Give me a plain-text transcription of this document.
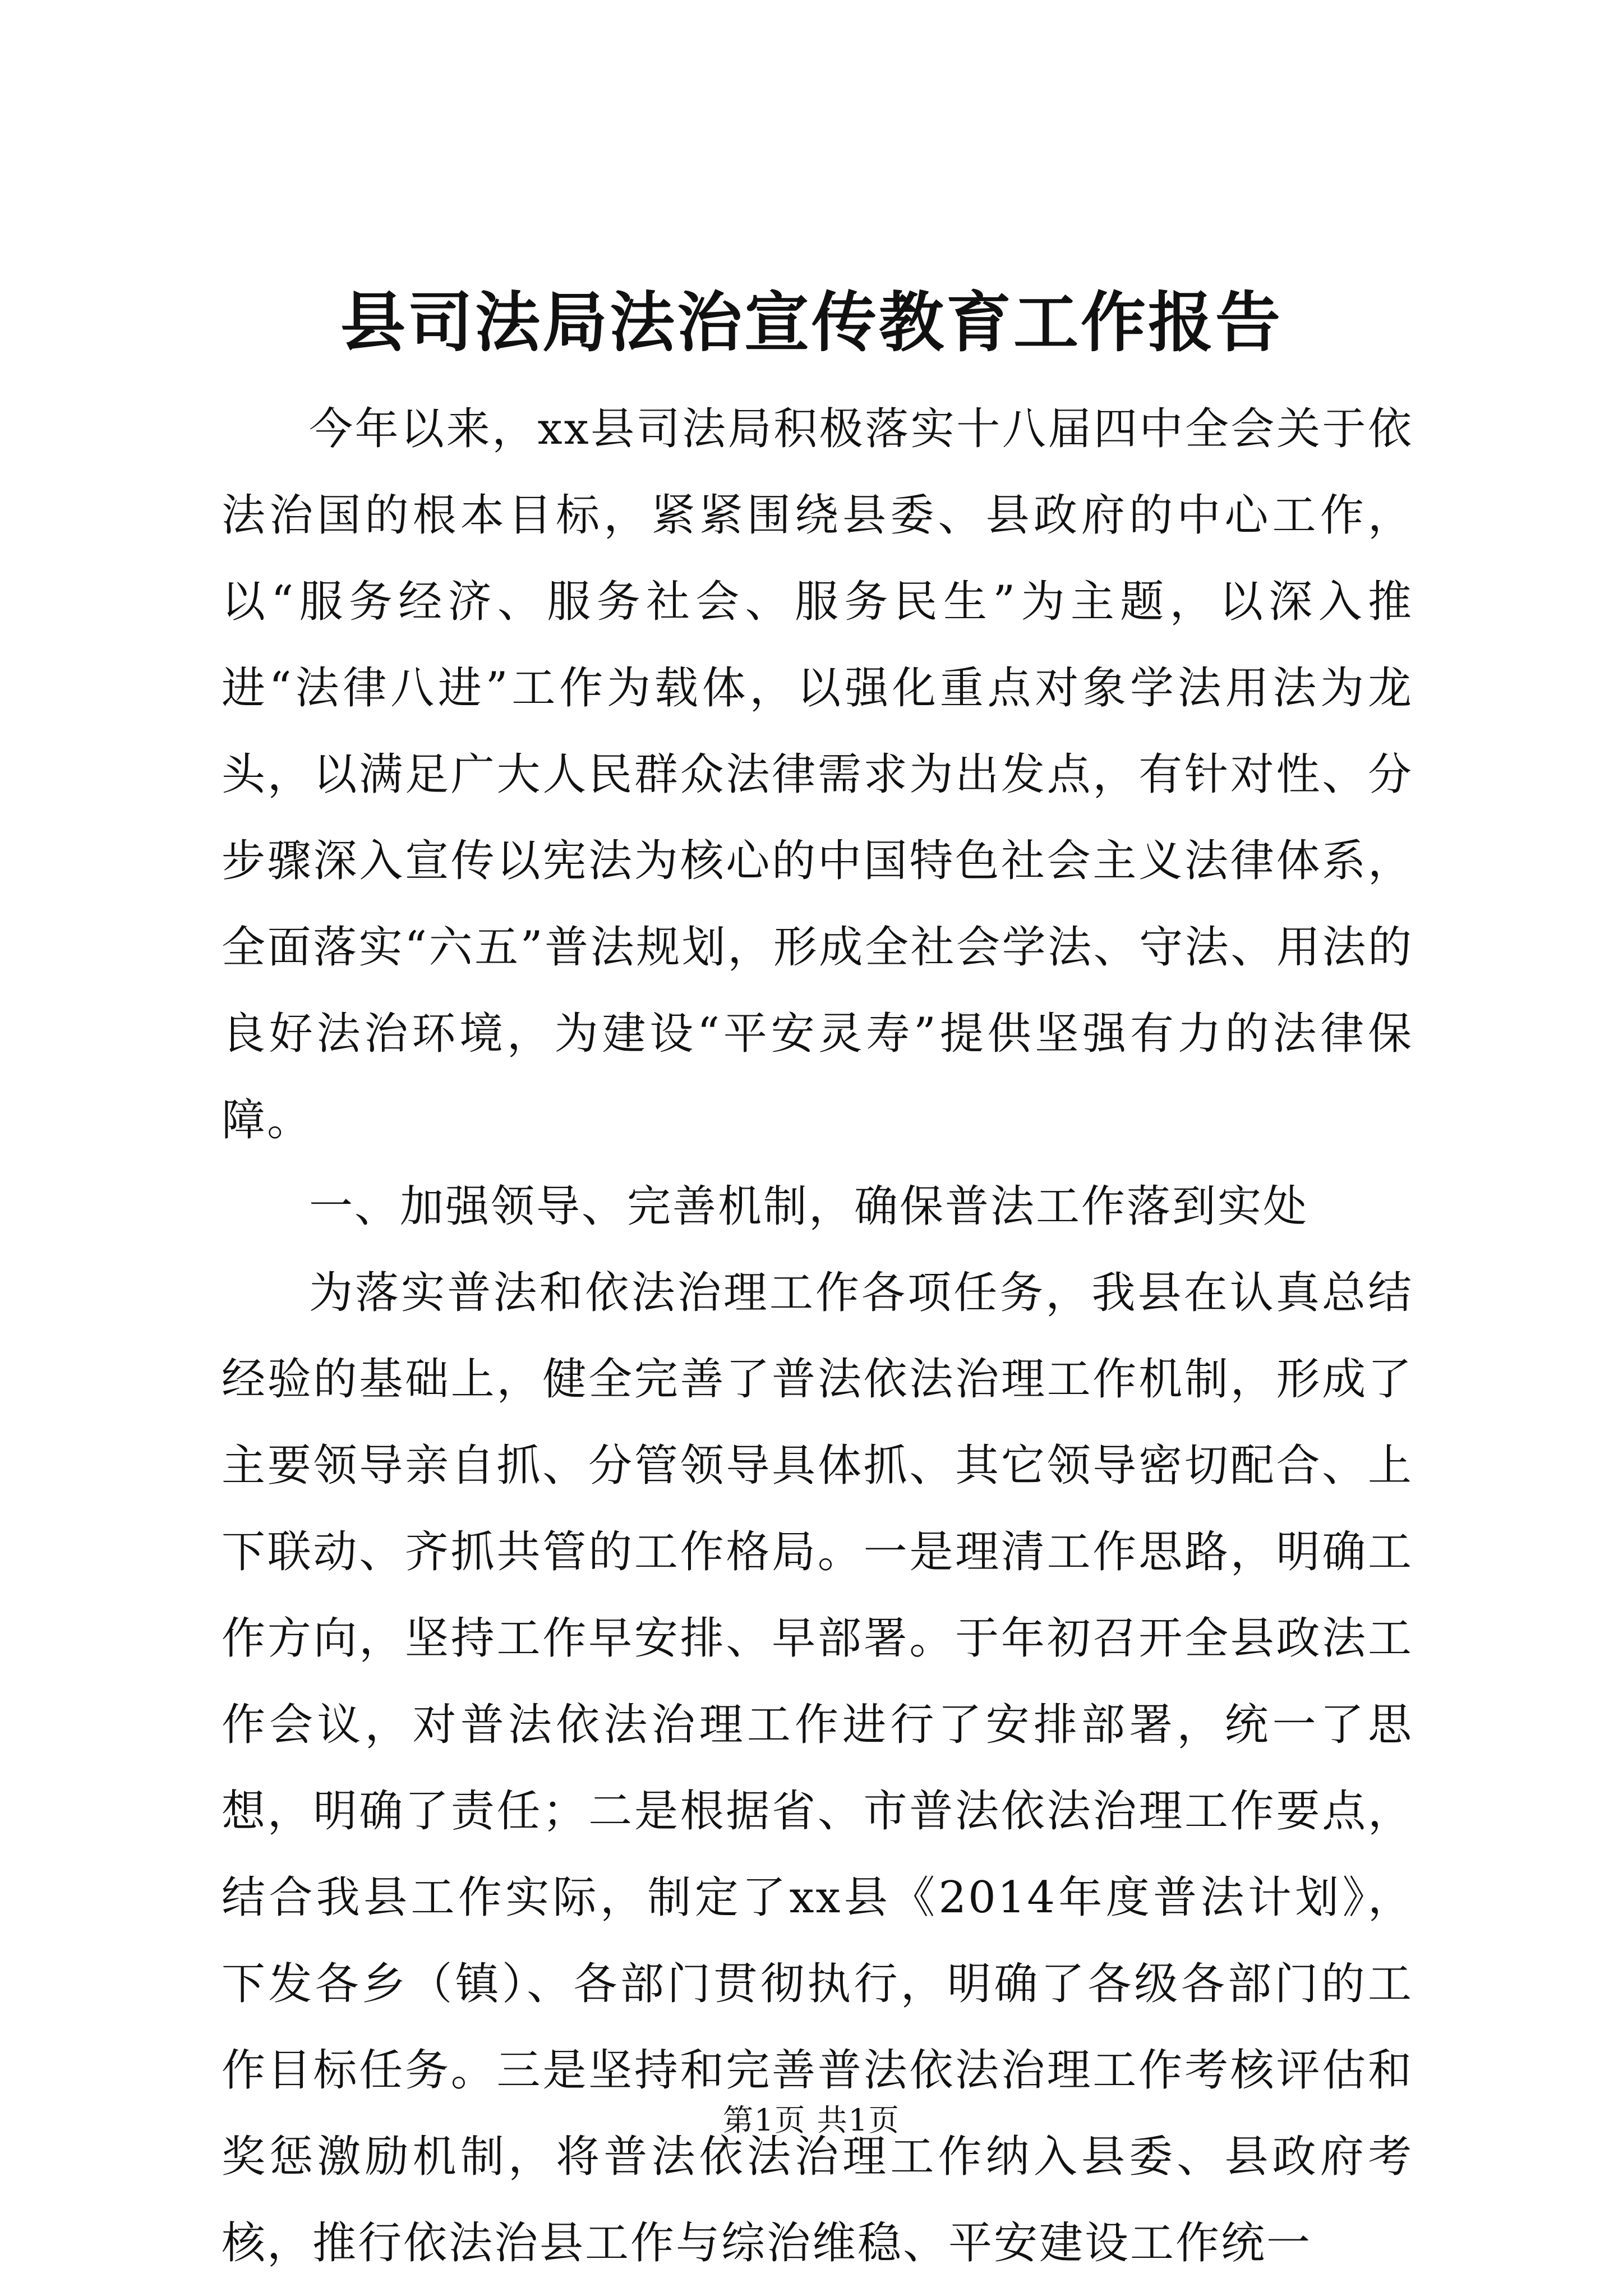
县司法局法治宣传教育工作报告

今年以来，xx县司法局积极落实十八届四中全会关于依法治国的根本目标，紧紧围绕县委、县政府的中心工作，以“服务经济、服务社会、服务民生”为主题，以深入推进“法律八进”工作为载体，以强化重点对象学法用法为龙头，以满足广大人民群众法律需求为出发点，有针对性、分步骤深入宣传以宪法为核心的中国特色社会主义法律体系，全面落实“六五”普法规划，形成全社会学法、守法、用法的良好法治环境，为建设“平安灵寿”提供坚强有力的法律保障。

一、加强领导、完善机制，确保普法工作落到实处

为落实普法和依法治理工作各项任务，我县在认真总结经验的基础上，健全完善了普法依法治理工作机制，形成了主要领导亲自抓、分管领导具体抓、其它领导密切配合、上下联动、齐抓共管的工作格局。一是理清工作思路，明确工作方向，坚持工作早安排、早部署。于年初召开全县政法工作会议，对普法依法治理工作进行了安排部署，统一了思想，明确了责任；二是根据省、市普法依法治理工作要点，结合我县工作实际，制定了xx县《2014年度普法计划》，下发各乡（镇）、各部门贯彻执行，明确了各级各部门的工作目标任务。三是坚持和完善普法依法治理工作考核评估和奖惩激励机制，将普法依法治理工作纳入县委、县政府考核，推行依法治县工作与综治维稳、平安建设工作统一

第1页 共1页
